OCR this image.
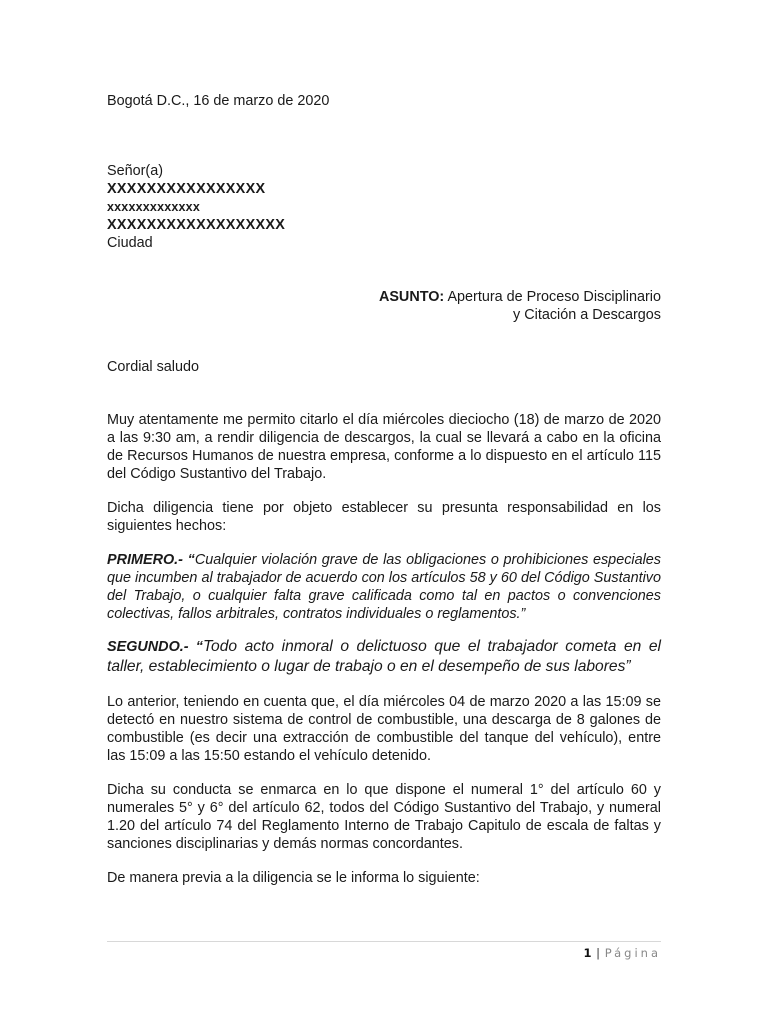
Bogotá D.C., 16 de marzo de 2020

Señor(a)
XXXXXXXXXXXXXXXX
xxxxxxxxxxxxx
XXXXXXXXXXXXXXXXXX
Ciudad
ASUNTO: Apertura de Proceso Disciplinario
y Citación a Descargos

Cordial saludo

Muy atentamente me permito citarlo el día miércoles dieciocho (18) de marzo de 2020 a las 9:30 am, a rendir diligencia de descargos, la cual se llevará a cabo en la oficina de Recursos Humanos de nuestra empresa, conforme a lo dispuesto en el artículo 115 del Código Sustantivo del Trabajo.

Dicha diligencia tiene por objeto establecer su presunta responsabilidad en los siguientes hechos:

PRIMERO.- “Cualquier violación grave de las obligaciones o prohibiciones especiales que incumben al trabajador de acuerdo con los artículos 58 y 60 del Código Sustantivo del Trabajo, o cualquier falta grave calificada como tal en pactos o convenciones colectivas, fallos arbitrales, contratos individuales o reglamentos.”

SEGUNDO.- “Todo acto inmoral o delictuoso que el trabajador cometa en el taller, establecimiento o lugar de trabajo o en el desempeño de sus labores”

Lo anterior, teniendo en cuenta que, el día miércoles 04 de marzo 2020 a las 15:09 se detectó en nuestro sistema de control de combustible, una descarga de 8 galones de combustible (es decir una extracción de combustible del tanque del vehículo), entre las 15:09 a las 15:50 estando el vehículo detenido.

Dicha su conducta se enmarca en lo que dispone el numeral 1° del artículo 60 y numerales 5° y 6° del artículo 62, todos del Código Sustantivo del Trabajo, y numeral 1.20 del artículo 74 del Reglamento Interno de Trabajo Capitulo de escala de faltas y sanciones disciplinarias y demás normas concordantes.

De manera previa a la diligencia se le informa lo siguiente:

1 | Página
